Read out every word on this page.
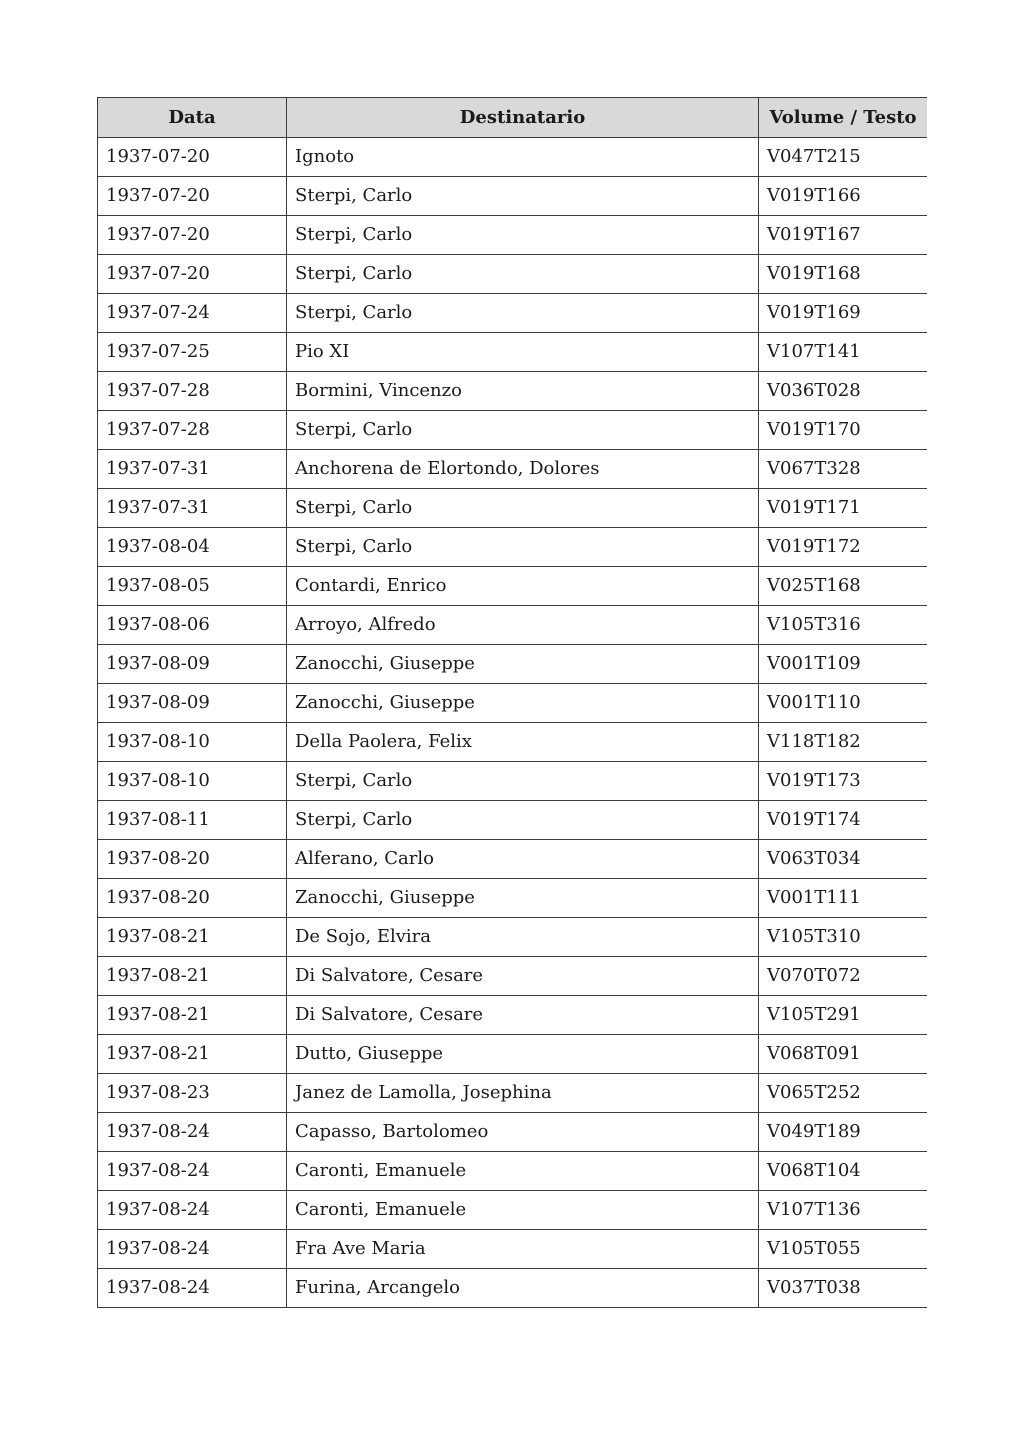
Data	Destinatario	Volume / Testo
1937-07-20	Ignoto	V047T215
1937-07-20	Sterpi, Carlo	V019T166
1937-07-20	Sterpi, Carlo	V019T167
1937-07-20	Sterpi, Carlo	V019T168
1937-07-24	Sterpi, Carlo	V019T169
1937-07-25	Pio XI	V107T141
1937-07-28	Bormini, Vincenzo	V036T028
1937-07-28	Sterpi, Carlo	V019T170
1937-07-31	Anchorena de Elortondo, Dolores	V067T328
1937-07-31	Sterpi, Carlo	V019T171
1937-08-04	Sterpi, Carlo	V019T172
1937-08-05	Contardi, Enrico	V025T168
1937-08-06	Arroyo, Alfredo	V105T316
1937-08-09	Zanocchi, Giuseppe	V001T109
1937-08-09	Zanocchi, Giuseppe	V001T110
1937-08-10	Della Paolera, Felix	V118T182
1937-08-10	Sterpi, Carlo	V019T173
1937-08-11	Sterpi, Carlo	V019T174
1937-08-20	Alferano, Carlo	V063T034
1937-08-20	Zanocchi, Giuseppe	V001T111
1937-08-21	De Sojo, Elvira	V105T310
1937-08-21	Di Salvatore, Cesare	V070T072
1937-08-21	Di Salvatore, Cesare	V105T291
1937-08-21	Dutto, Giuseppe	V068T091
1937-08-23	Janez de Lamolla, Josephina	V065T252
1937-08-24	Capasso, Bartolomeo	V049T189
1937-08-24	Caronti, Emanuele	V068T104
1937-08-24	Caronti, Emanuele	V107T136
1937-08-24	Fra Ave Maria	V105T055
1937-08-24	Furina, Arcangelo	V037T038
